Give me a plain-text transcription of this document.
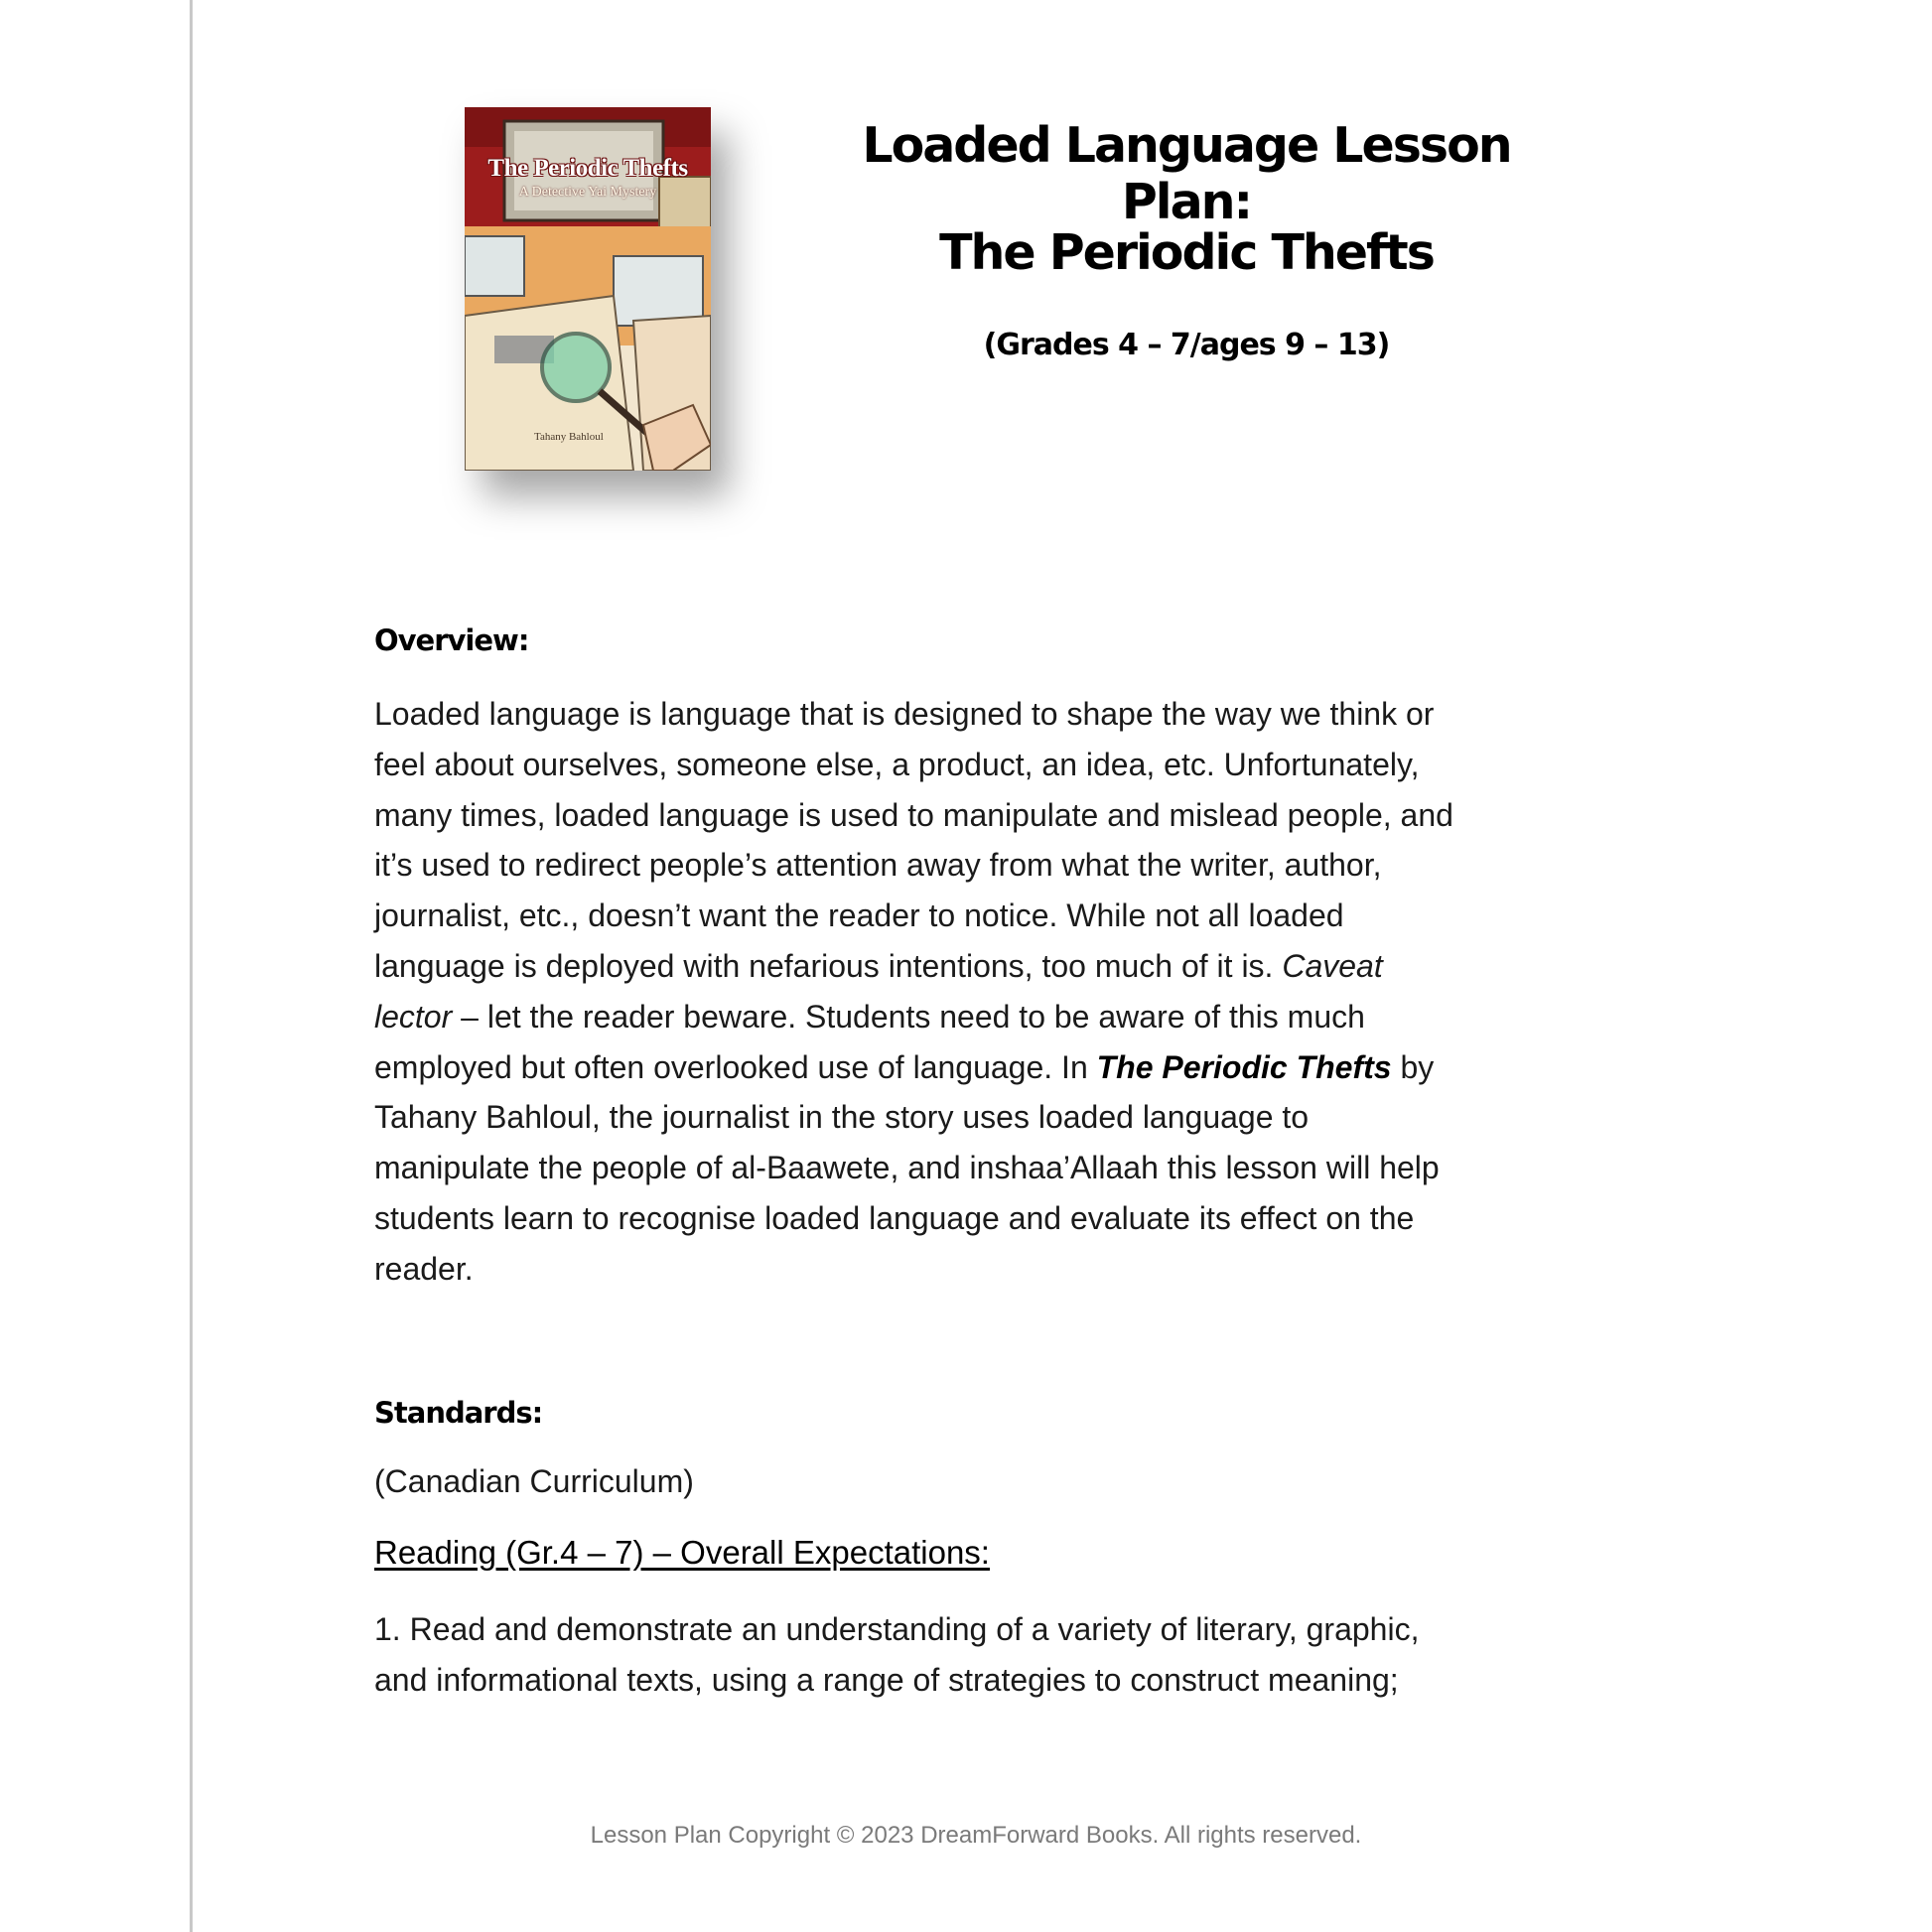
The Periodic Thefts
A Detective Yai Mystery
Tahany Bahloul
Loaded Language Lesson Plan:
The Periodic Thefts
(Grades 4 – 7/ages 9 – 13)
Overview:
Loaded language is language that is designed to shape the way we think or
feel about ourselves, someone else, a product, an idea, etc. Unfortunately,
many times, loaded language is used to manipulate and mislead people, and
it’s used to redirect people’s attention away from what the writer, author,
journalist, etc., doesn’t want the reader to notice. While not all loaded
language is deployed with nefarious intentions, too much of it is. Caveat
lector – let the reader beware. Students need to be aware of this much
employed but often overlooked use of language. In The Periodic Thefts by
Tahany Bahloul, the journalist in the story uses loaded language to
manipulate the people of al-Baawete, and inshaa’Allaah this lesson will help
students learn to recognise loaded language and evaluate its effect on the
reader.
Standards:
(Canadian Curriculum)
Reading (Gr.4 – 7) – Overall Expectations:
1. Read and demonstrate an understanding of a variety of literary, graphic,
and informational texts, using a range of strategies to construct meaning;
Lesson Plan Copyright © 2023 DreamForward Books. All rights reserved.
